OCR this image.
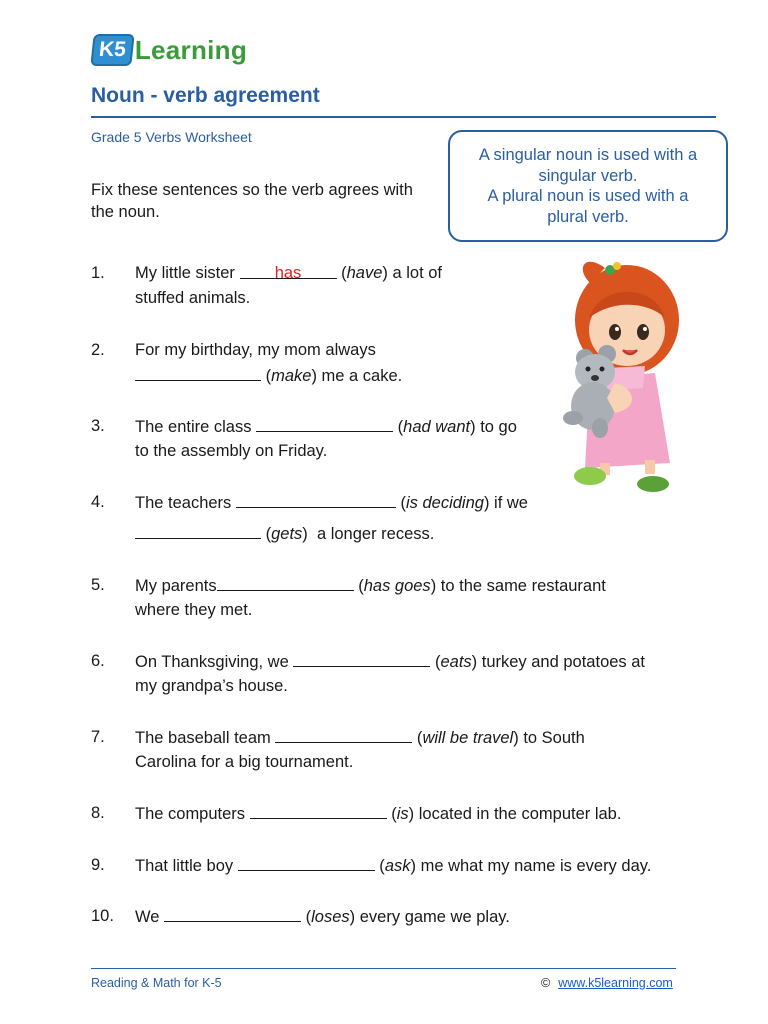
K5 Learning
Noun - verb agreement
Grade 5 Verbs Worksheet
A singular noun is used with a
singular verb.
A plural noun is used with a
plural verb.
Fix these sentences so the verb agrees with the noun.
1.	My little sister has (have) a lot of
stuffed animals.
2.	For my birthday, my mom always
(make) me a cake.
3.	The entire class	(had want) to go
to the assembly on Friday.
4.	The teachers	(is deciding) if we
(gets)  a longer recess.
5.	My parents	(has goes) to the same restaurant
where they met.
6.	On Thanksgiving, we	(eats) turkey and potatoes at
my grandpa’s house.
7.	The baseball team	(will be travel) to South
Carolina for a big tournament.
8.	The computers	(is) located in the computer lab.
9.	That little boy	(ask) me what my name is every day.
10.	We	(loses) every game we play.
Reading & Math for K-5	© www.k5learning.com
